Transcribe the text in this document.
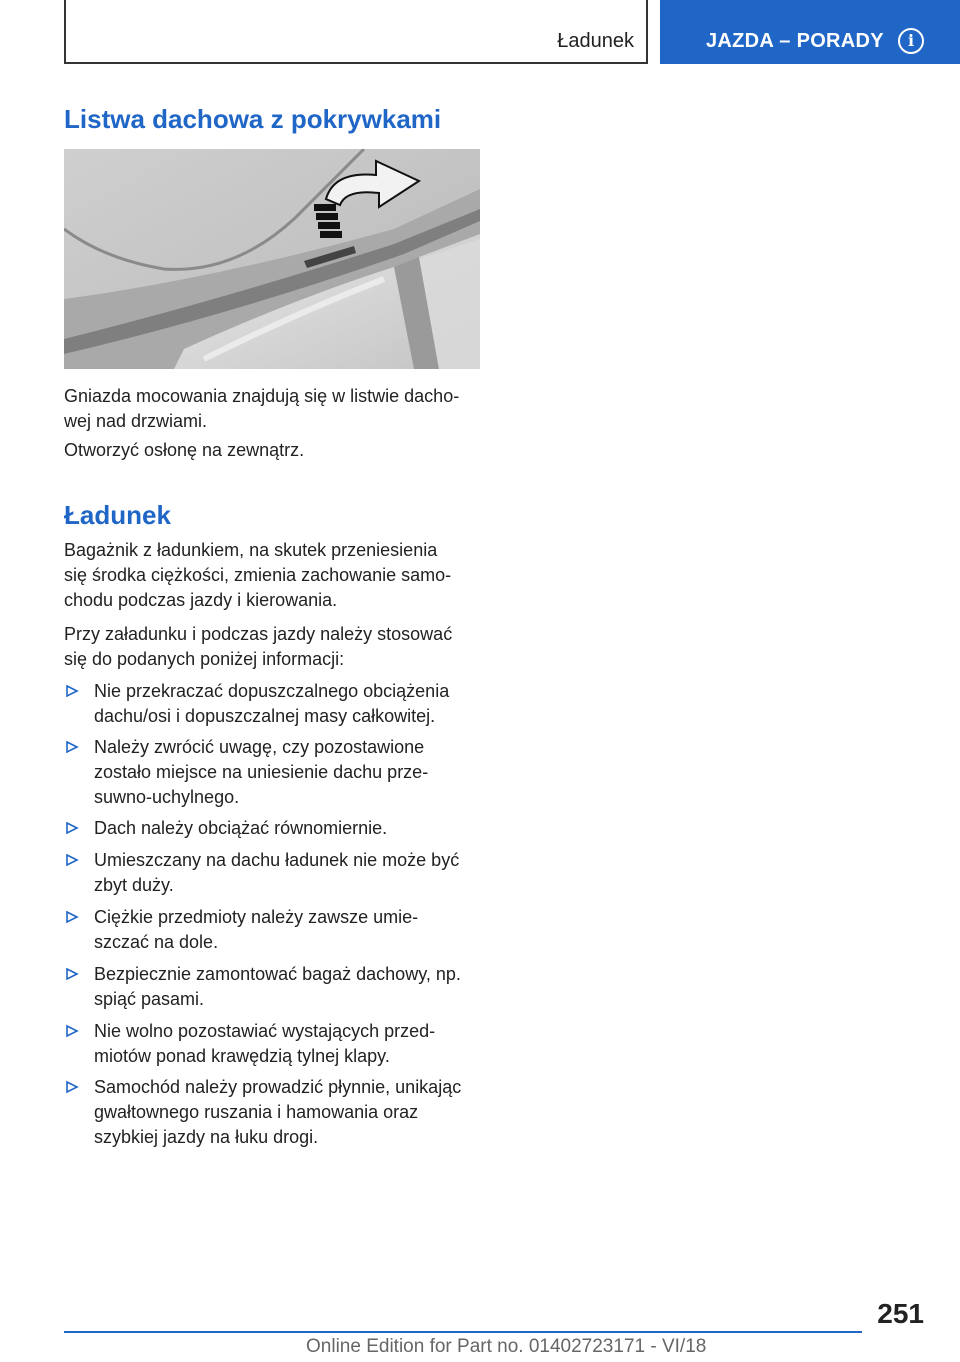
Ładunek	JAZDA – PORADY	i
Listwa dachowa z pokrywkami

Gniazda mocowania znajdują się w listwie dacho-
wej nad drzwiami.

Otworzyć osłonę na zewnątrz.

Ładunek

Bagażnik z ładunkiem, na skutek przeniesienia
się środka ciężkości, zmienia zachowanie samo-
chodu podczas jazdy i kierowania.

Przy załadunku i podczas jazdy należy stosować
się do podanych poniżej informacji:

Nie przekraczać dopuszczalnego obciążenia
dachu/osi i dopuszczalnej masy całkowitej.
Należy zwrócić uwagę, czy pozostawione
zostało miejsce na uniesienie dachu prze-
suwno-uchylnego.
Dach należy obciążać równomiernie.
Umieszczany na dachu ładunek nie może być
zbyt duży.
Ciężkie przedmioty należy zawsze umie-
szczać na dole.
Bezpiecznie zamontować bagaż dachowy, np.
spiąć pasami.
Nie wolno pozostawiać wystających przed-
miotów ponad krawędzią tylnej klapy.
Samochód należy prowadzić płynnie, unikając
gwałtownego ruszania i hamowania oraz
szybkiej jazdy na łuku drogi.
251
Online Edition for Part no. 01402723171 - VI/18
